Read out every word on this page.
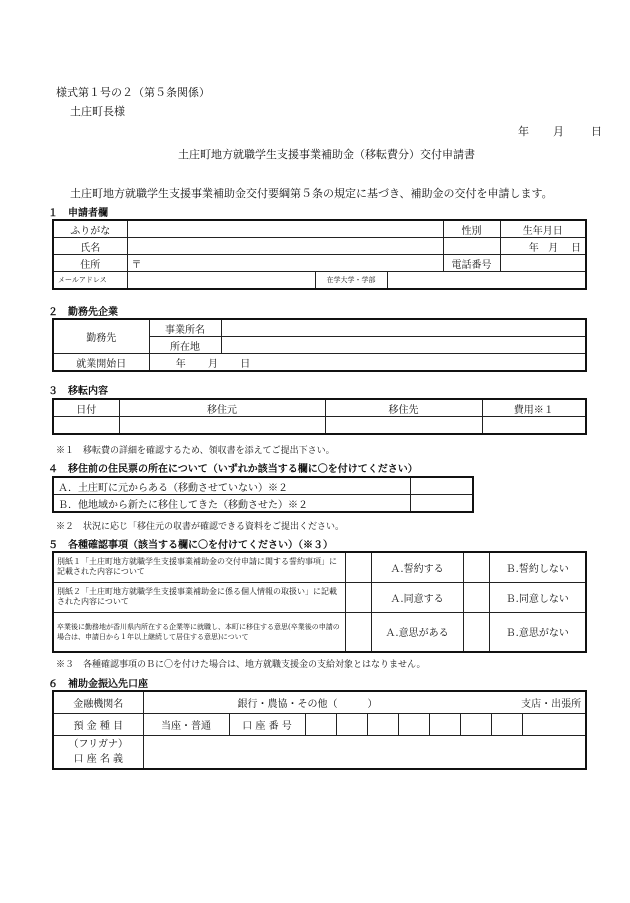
様式第１号の２（第５条関係）
土庄町長様
年 月 日
土庄町地方就職学生支援事業補助金（移転費分）交付申請書
土庄町地方就職学生支援事業補助金交付要綱第５条の規定に基づき、補助金の交付を申請します。
１　申請者欄
ふりがな				性別	生年月日
氏名					年 月 日
住所	〒			電話番号	
メールアドレス		在学大学・学部			
２　勤務先企業
勤務先	事業所名	
	所在地	
就業開始日	年 月 日	
３　移転内容
日付	移住元	移住先	費用※１

※１　移転費の詳細を確認するため、領収書を添えてご提出下さい。
４　移住前の住民票の所在について（いずれか該当する欄に〇を付けてください）
Ａ．土庄町に元からある（移動させていない）※２	
Ｂ．他地域から新たに移住してきた（移動させた）※２	
※２　状況に応じ「移住元の収書が確認できる資料をご提出ください。
５　各種確認事項（該当する欄に〇を付けてください）（※３）
別紙１「土庄町地方就職学生支援事業補助金の交付申請に関する誓約事項」に記載された内容について		Ａ.誓約する		Ｂ.誓約しない
別紙２「土庄町地方就職学生支援事業補助金に係る個人情報の取扱い」に記載された内容について		Ａ.同意する		Ｂ.同意しない
卒業後に勤務地が香川県内所在する企業等に就職し、本町に移住する意思(卒業後の申請の場合は、申請日から１年以上継続して居住する意思)について		Ａ.意思がある		Ｂ.意思がない
※３　各種確認事項のＢに〇を付けた場合は、地方就職支援金の支給対象とはなりません。
６　補助金振込先口座
金融機関名	銀行・農協・その他（　　　） 支店・出張所									

預 金 種 目	当座・普通	口 座 番 号								
（フリガナ）
口 座 名 義										
